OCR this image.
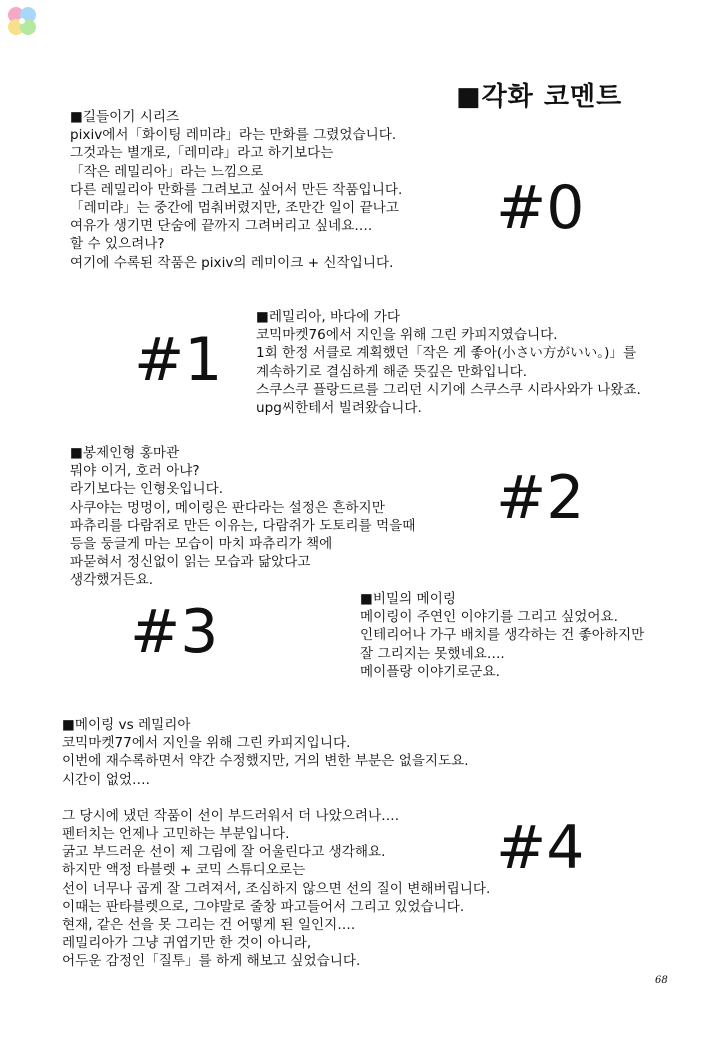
■각화 코멘트

■길들이기 시리즈

pixiv에서「화이팅 레미랴」라는 만화를 그렸었습니다.

그것과는 별개로,「레미랴」라고 하기보다는

「작은 레밀리아」라는 느낌으로

다른 레밀리아 만화를 그려보고 싶어서 만든 작품입니다.

「레미랴」는 중간에 멈춰버렸지만, 조만간 일이 끝나고

여유가 생기면 단숨에 끝까지 그려버리고 싶네요….

할 수 있으려나?

여기에 수록된 작품은 pixiv의 레미이크 + 신작입니다.

#0
#1

■레밀리아, 바다에 가다

코믹마켓76에서 지인을 위해 그린 카피지였습니다.

1회 한정 서클로 계획했던「작은 게 좋아(小さい方がいい。)」를

계속하기로 결심하게 해준 뜻깊은 만화입니다.

스쿠스쿠 플랑드르를 그리던 시기에 스쿠스쿠 시라사와가 나왔죠.

upg씨한테서 빌려왔습니다.

■봉제인형 홍마관

뭐야 이거, 호러 아냐?

라기보다는 인형옷입니다.

사쿠야는 멍멍이, 메이링은 판다라는 설정은 흔하지만

파츄리를 다람쥐로 만든 이유는, 다람쥐가 도토리를 먹을때

등을 둥글게 마는 모습이 마치 파츄리가 책에

파묻혀서 정신없이 읽는 모습과 닮았다고

생각했거든요.

#2
#3	■비밀의 메이링

메이링이 주연인 이야기를 그리고 싶었어요.

인테리어나 가구 배치를 생각하는 건 좋아하지만

잘 그리지는 못했네요….

메이플랑 이야기로군요.

■메이링 vs 레밀리아

코믹마켓77에서 지인을 위해 그린 카피지입니다.

이번에 재수록하면서 약간 수정했지만, 거의 변한 부분은 없을지도요.

시간이 없었….

그 당시에 냈던 작품이 선이 부드러워서 더 나았으려나….

펜터치는 언제나 고민하는 부분입니다.

굵고 부드러운 선이 제 그림에 잘 어울린다고 생각해요.

하지만 액정 타블렛 + 코믹 스튜디오로는

선이 너무나 곱게 잘 그려져서, 조심하지 않으면 선의 질이 변해버립니다.

이때는 판타블렛으로, 그야말로 줄창 파고들어서 그리고 있었습니다.

현재, 같은 선을 못 그리는 건 어떻게 된 일인지….

레밀리아가 그냥 귀엽기만 한 것이 아니라,

어두운 감정인「질투」를 하게 해보고 싶었습니다.

#4
68
